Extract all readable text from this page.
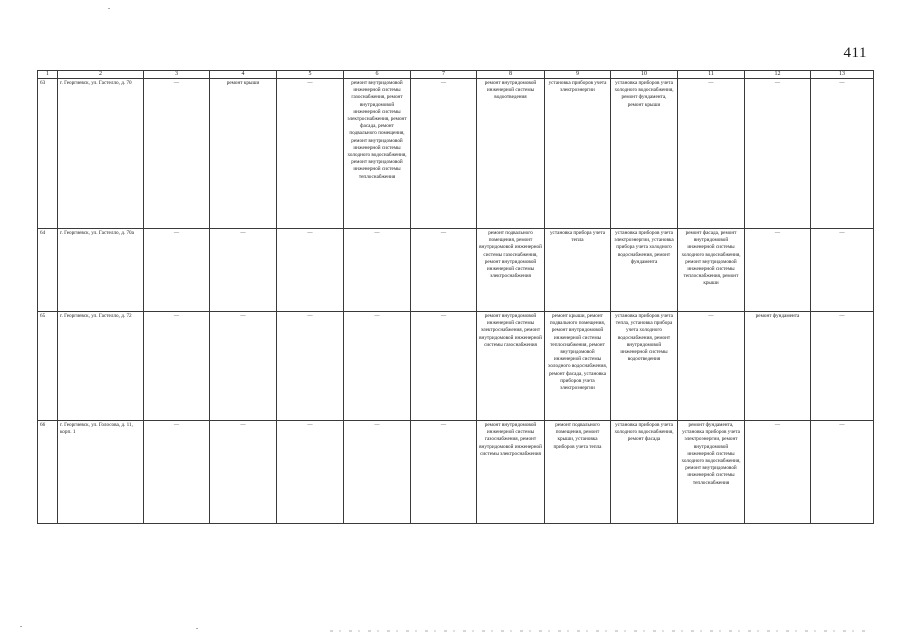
411
1	2	3	4	5	6	7	8	9	10	11	12	13
63	г. Георгиевск, ул. Гастелло, д. 70	—	ремонт крыши	—	ремонт внутридомовой инженерной системы газоснабжения, ремонт внутридомовой инженерной системы электроснабжения, ремонт фасада, ремонт подвального помещения, ремонт внутридомовой инженерной системы холодного водоснабжения, ремонт внутридомовой инженерной системы теплоснабжения	—	ремонт внутридомовой инженерной системы водоотведения	установка приборов учета электроэнергии	установка приборов учета холодного водоснабжения, ремонт фундамента, ремонт крыши	—	—	—
64	г. Георгиевск, ул. Гастелло, д. 70а	—	—	—	—	—	ремонт подвального помещения, ремонт внутридомовой инженерной системы газоснабжения, ремонт внутридомовой инженерной системы электроснабжения	установка прибора учета тепла	установка приборов учета электроэнергии, установка прибора учета холодного водоснабжения, ремонт фундамента	ремонт фасада, ремонт внутридомовой инженерной системы холодного водоснабжения, ремонт внутридомовой инженерной системы теплоснабжения, ремонт крыши	—	—
65	г. Георгиевск, ул. Гастелло, д. 72	—	—	—	—	—	ремонт внутридомовой инженерной системы электроснабжения, ремонт внутридомовой инженерной системы газоснабжения	ремонт крыши, ремонт подвального помещения, ремонт внутридомовой инженерной системы теплоснабжения, ремонт внутридомовой инженерной системы холодного водоснабжения, ремонт фасада, установка приборов учета электроэнергии	установка приборов учета тепла, установка прибора учета холодного водоснабжения, ремонт внутридомовой инженерной системы водоотведения	—	ремонт фундамента	—
66	г. Георгиевск, ул. Голосова, д. 11, корп. 1	—	—	—	—	—	ремонт внутридомовой инженерной системы газоснабжения, ремонт внутридомовой инженерной системы электроснабжения	ремонт подвального помещения, ремонт крыши, установка приборов учета тепла	установка приборов учета холодного водоснабжения, ремонт фасада	ремонт фундамента, установка приборов учета электроэнергии, ремонт внутридомовой инженерной системы холодного водоснабжения, ремонт внутридомовой инженерной системы теплоснабжения	—	—
